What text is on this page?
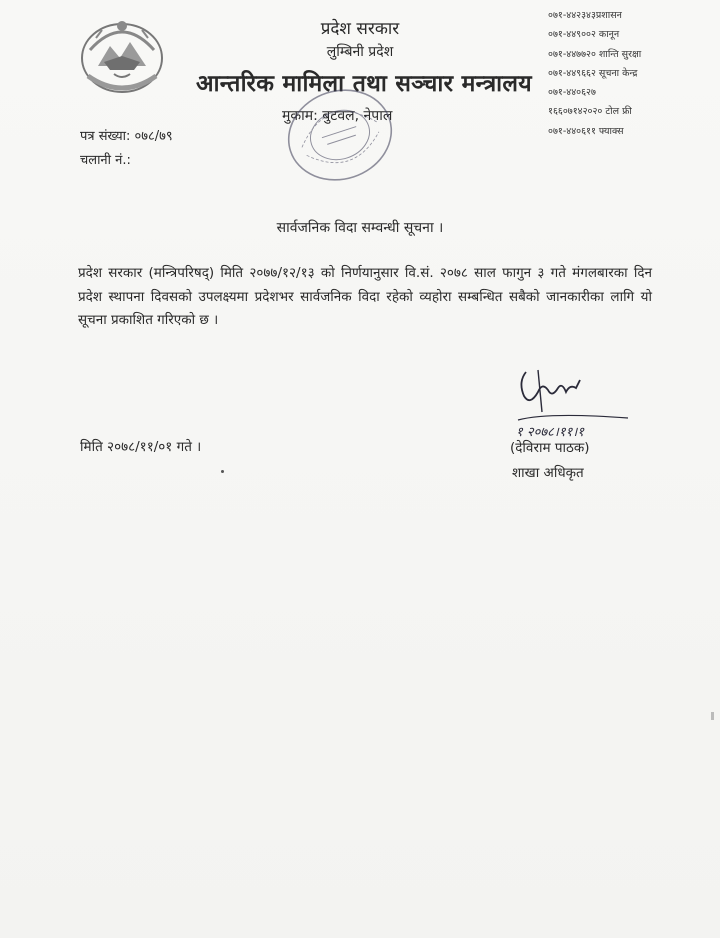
प्रदेश सरकार
लुम्बिनी प्रदेश
आन्तरिक मामिला तथा सञ्चार मन्त्रालय
मुकाम: बुटवल, नेपाल
०७१-४४२३४३प्रशासन
०७१-४४९००२ कानून
०७१-४४७७२० शान्ति सुरक्षा
०७१-४४९६६२ सूचना केन्द्र
०७१-४४०६२७
१६६०७१४२०२० टोल फ्री
०७१-४४०६११ फ्याक्स
पत्र संख्या: ०७८/७९
चलानी नं.:
सार्वजनिक विदा सम्वन्धी सूचना ।
प्रदेश सरकार (मन्त्रिपरिषद्) मिति २०७७/१२/१३ को निर्णयानुसार वि.सं. २०७८ साल फागुन ३ गते मंगलबारका दिन प्रदेश स्थापना दिवसको उपलक्ष्यमा प्रदेशभर सार्वजनिक विदा रहेको व्यहोरा सम्बन्धित सबैको जानकारीका लागि यो सूचना प्रकाशित गरिएको छ ।
मिति २०७८/११/०१ गते ।
१ २०७८।११।१
(देविराम पाठक)
शाखा अधिकृत
